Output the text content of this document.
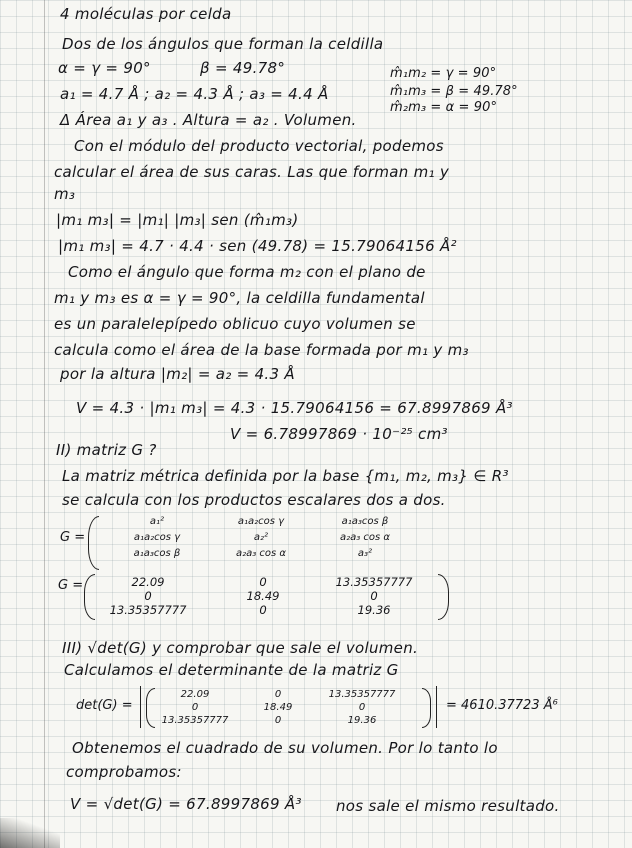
4 moléculas por celda
Dos de los ángulos que forman la celdilla
α = γ = 90°	β = 49.78°	m̂₁m₂ = γ = 90°
a₁ = 4.7 Å ; a₂ = 4.3 Å ; a₃ = 4.4 Å	m̂₁m₃ = β = 49.78°
m̂₂m₃ = α = 90°
Δ Área a₁ y a₃ . Altura = a₂ . Volumen.
Con el módulo del producto vectorial, podemos
calcular el área de sus caras. Las que forman m₁ y
m₃
|m₁ m₃| = |m₁| |m₃| sen (m̂₁m₃)
|m₁ m₃| = 4.7 · 4.4 · sen (49.78) = 15.79064156 Å²
Como el ángulo que forma m₂ con el plano de
m₁ y m₃ es α = γ = 90°, la celdilla fundamental
es un paralelepípedo oblicuo cuyo volumen se
calcula como el área de la base formada por m₁ y m₃
por la altura |m₂| = a₂ = 4.3 Å
V = 4.3 · |m₁ m₃| = 4.3 · 15.79064156 = 67.8997869 Å³
V = 6.78997869 · 10⁻²⁵ cm³
II) matriz G ?
La matriz métrica definida por la base {m₁, m₂, m₃} ∈ R³
se calcula con los productos escalares dos a dos.
G =
a₁²	a₁a₂cos γ	a₁a₃cos β
a₁a₂cos γ	a₂²	a₂a₃ cos α
a₁a₃cos β	a₂a₃ cos α	a₃²
G =	22.09	0	13.35357777
0	18.49	0
13.35357777	0	19.36
III) √det(G) y comprobar que sale el volumen.
Calculamos el determinante de la matriz G
det(G) =
22.09	0	13.35357777
0	18.49	0
13.35357777	0	19.36
= 4610.37723 Å⁶
Obtenemos el cuadrado de su volumen. Por lo tanto lo
comprobamos:
V = √det(G) = 67.8997869 Å³ nos sale el mismo resultado.
